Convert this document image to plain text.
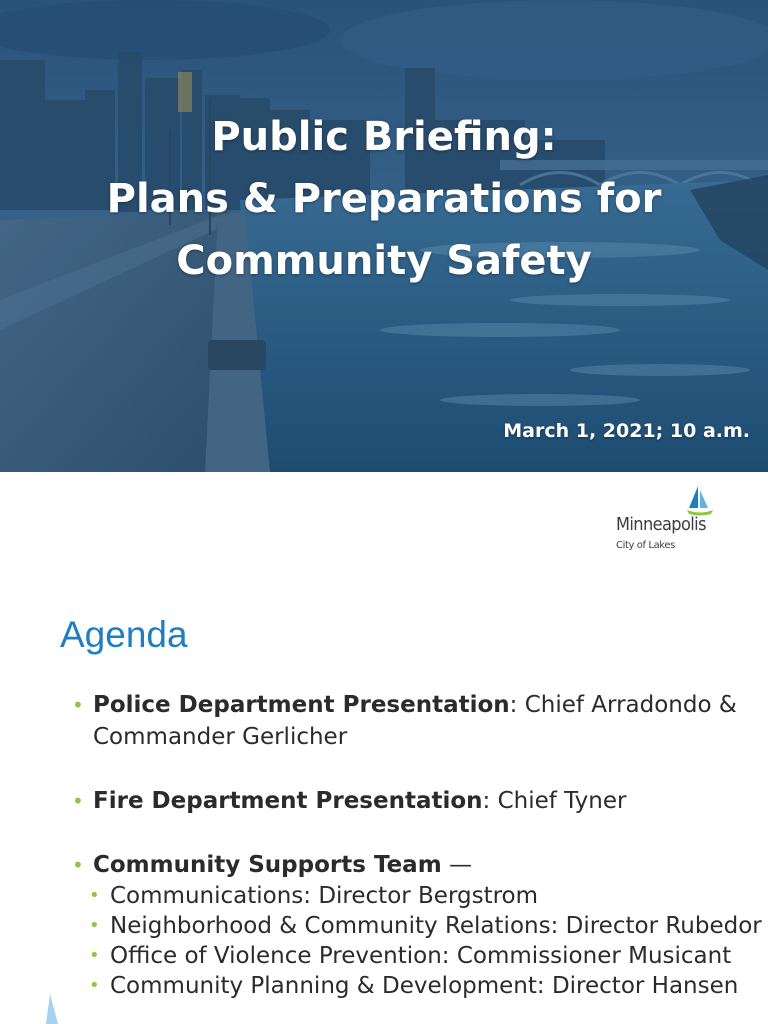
Public Briefing:
Plans & Preparations for
Community Safety
March 1, 2021; 10 a.m.
Minneapolis
City of Lakes
Agenda
• Police Department Presentation: Chief Arradondo & Commander Gerlicher
• Fire Department Presentation: Chief Tyner
• Community Supports Team —
• Communications: Director Bergstrom
• Neighborhood & Community Relations: Director Rubedor
• Office of Violence Prevention: Commissioner Musicant
• Community Planning & Development: Director Hansen
